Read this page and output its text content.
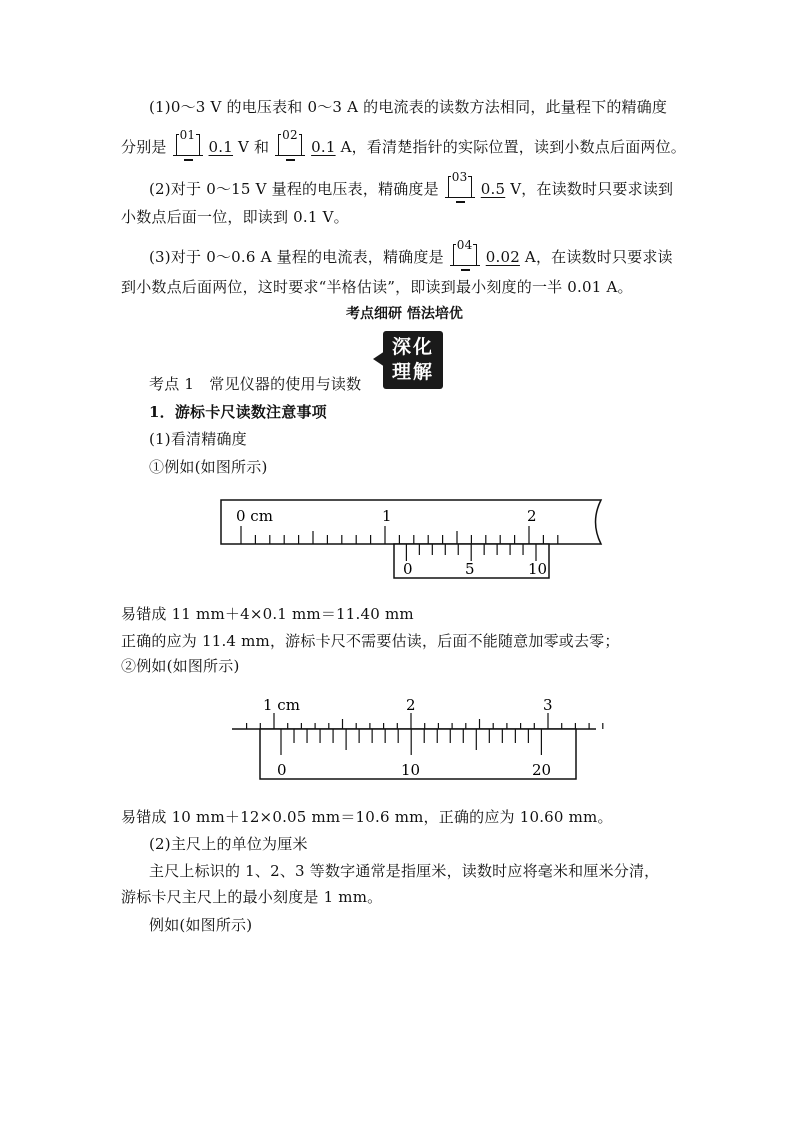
(1)0～3 V 的电压表和 0～3 A 的电流表的读数方法相同，此量程下的精确度
分别是
01
0.1 V 和
02
0.1 A，看清楚指针的实际位置，读到小数点后面两位。
(2)对于 0～15 V 量程的电压表，精确度是
03
0.5 V，在读数时只要求读到
小数点后面一位，即读到 0.1 V。
(3)对于 0～0.6 A 量程的电流表，精确度是
04
0.02 A，在读数时只要求读
到小数点后面两位，这时要求“半格估读”，即读到最小刻度的一半 0.01 A。
考点细研 悟法培优
深化
理解
考点 1　常见仪器的使用与读数
1．游标卡尺读数注意事项
(1)看清精确度
①例如(如图所示)
0 cm	1	2
0	5	10
易错成 11 mm＋4×0.1 mm＝11.40 mm
正确的应为 11.4 mm，游标卡尺不需要估读，后面不能随意加零或去零；
②例如(如图所示)
1 cm	2	3
0	10	20
易错成 10 mm＋12×0.05 mm＝10.6 mm，正确的应为 10.60 mm。
(2)主尺上的单位为厘米
主尺上标识的 1、2、3 等数字通常是指厘米，读数时应将毫米和厘米分清，
游标卡尺主尺上的最小刻度是 1 mm。
例如(如图所示)
